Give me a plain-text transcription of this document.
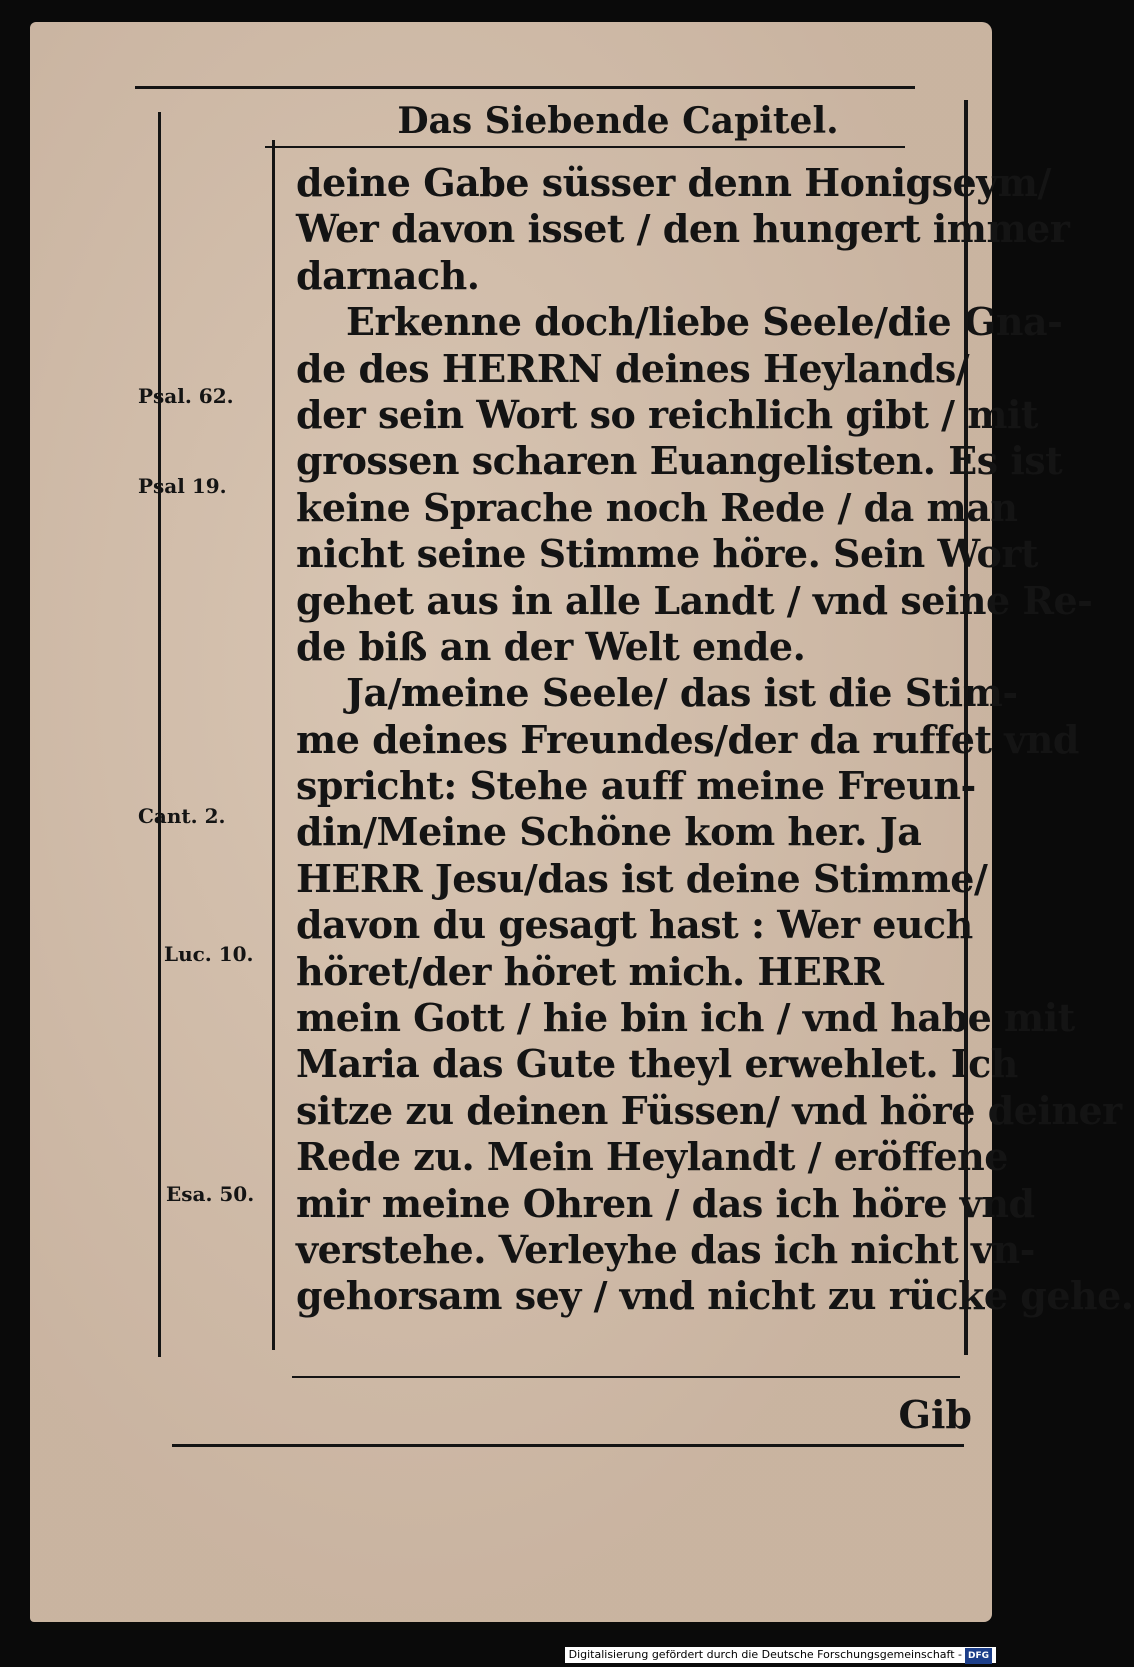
Das Siebende Capitel.
deine Gabe süsser denn Honigseym/
Wer davon isset / den hungert immer
darnach.
Erkenne doch/liebe Seele/die Gna-
de des HERRN deines Heylands/
der sein Wort so reichlich gibt / mit
grossen scharen Euangelisten. Es ist
keine Sprache noch Rede / da man
nicht seine Stimme höre. Sein Wort
gehet aus in alle Landt / vnd seine Re-
de biß an der Welt ende.
Ja/meine Seele/ das ist die Stim-
me deines Freundes/der da ruffet vnd
spricht: Stehe auff meine Freun-
din/Meine Schöne kom her. Ja
HERR Jesu/das ist deine Stimme/
davon du gesagt hast : Wer euch
höret/der höret mich. HERR
mein Gott / hie bin ich / vnd habe mit
Maria das Gute theyl erwehlet. Ich
sitze zu deinen Füssen/ vnd höre deiner
Rede zu. Mein Heylandt / eröffene
mir meine Ohren / das ich höre vnd
verstehe. Verleyhe das ich nicht vn-
gehorsam sey / vnd nicht zu rücke gehe.
Psal. 62.
Psal 19.
Cant. 2.
Luc. 10.
Esa. 50.
Gib
Digitalisierung gefördert durch die Deutsche Forschungsgemeinschaft - DFG
